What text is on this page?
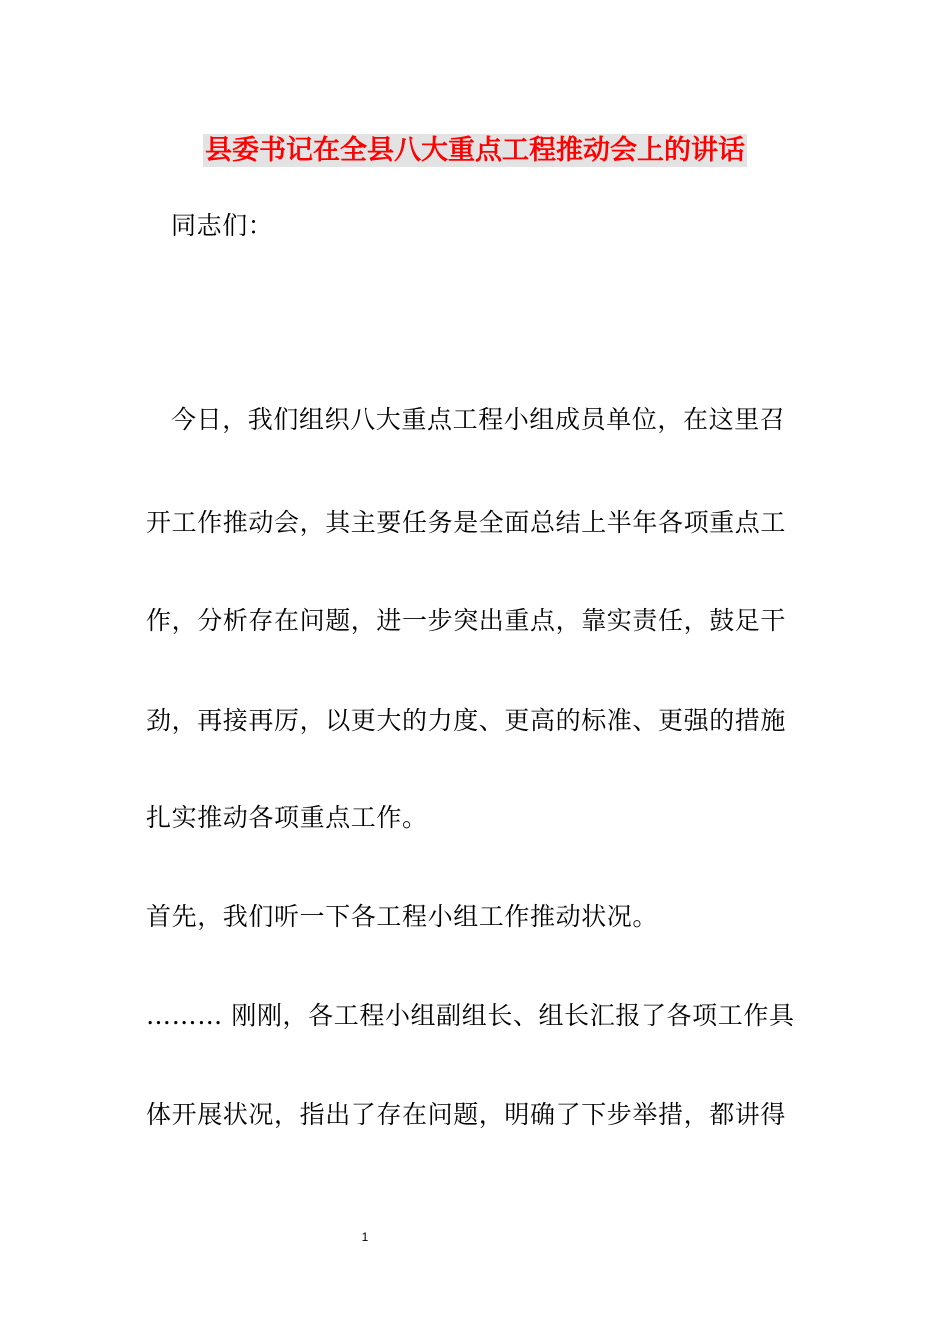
县委书记在全县八大重点工程推动会上的讲话
同志们：
今日，我们组织八大重点工程小组成员单位，在这里召
开工作推动会，其主要任务是全面总结上半年各项重点工
作，分析存在问题，进一步突出重点，靠实责任，鼓足干
劲，再接再厉，以更大的力度、更高的标准、更强的措施
扎实推动各项重点工作。
首先，我们听一下各工程小组工作推动状况。
……… 刚刚，各工程小组副组长、组长汇报了各项工作具
体开展状况，指出了存在问题，明确了下步举措，都讲得
1
